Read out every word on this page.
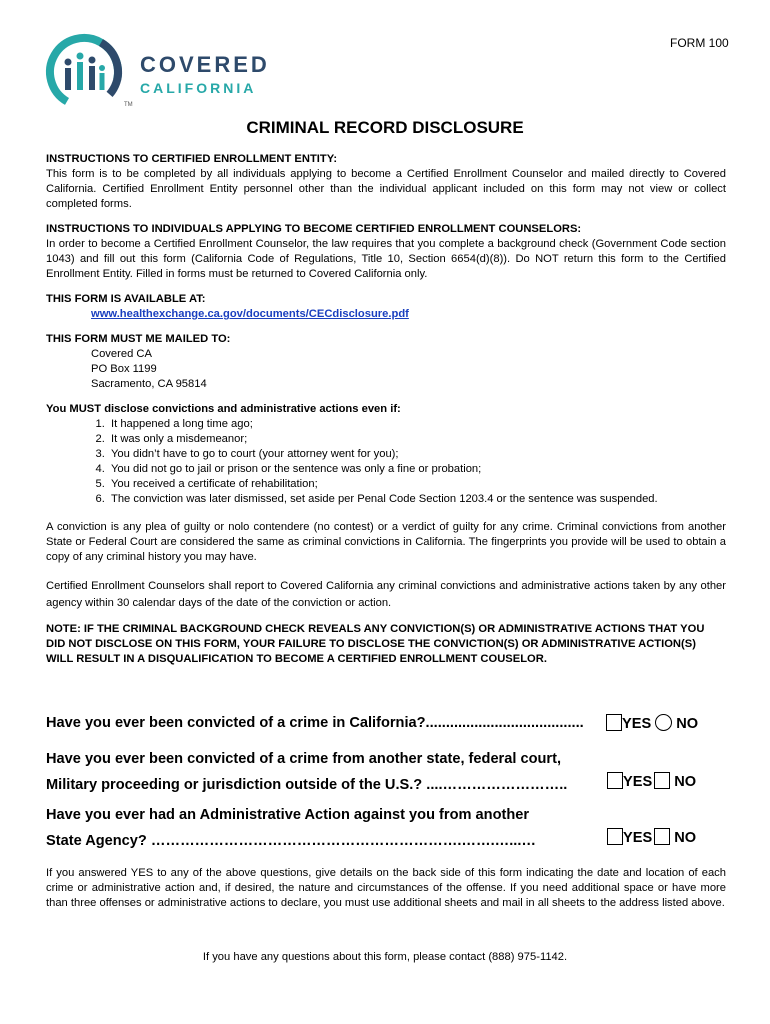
FORM 100
COVERED
CALIFORNIA
TM
CRIMINAL RECORD DISCLOSURE
INSTRUCTIONS TO CERTIFIED ENROLLMENT ENTITY:
This form is to be completed by all individuals applying to become a Certified Enrollment Counselor and mailed directly to Covered California. Certified Enrollment Entity personnel other than the individual applicant included on this form may not view or collect completed forms.
INSTRUCTIONS TO INDIVIDUALS APPLYING TO BECOME CERTIFIED ENROLLMENT COUNSELORS:
In order to become a Certified Enrollment Counselor, the law requires that you complete a background check (Government Code section 1043) and fill out this form (California Code of Regulations, Title 10, Section 6654(d)(8)). Do NOT return this form to the Certified Enrollment Entity. Filled in forms must be returned to Covered California only.
THIS FORM IS AVAILABLE AT:
www.healthexchange.ca.gov/documents/CECdisclosure.pdf
THIS FORM MUST ME MAILED TO:
Covered CA
PO Box 1199
Sacramento, CA 95814
You MUST disclose convictions and administrative actions even if:
1. It happened a long time ago;
2. It was only a misdemeanor;
3. You didn’t have to go to court (your attorney went for you);
4. You did not go to jail or prison or the sentence was only a fine or probation;
5. You received a certificate of rehabilitation;
6. The conviction was later dismissed, set aside per Penal Code Section 1203.4 or the sentence was suspended.
A conviction is any plea of guilty or nolo contendere (no contest) or a verdict of guilty for any crime. Criminal convictions from another State or Federal Court are considered the same as criminal convictions in California. The fingerprints you provide will be used to obtain a copy of any criminal history you may have.
Certified Enrollment Counselors shall report to Covered California any criminal convictions and administrative actions taken by any other agency within 30 calendar days of the date of the conviction or action.
NOTE: IF THE CRIMINAL BACKGROUND CHECK REVEALS ANY CONVICTION(S) OR ADMINISTRATIVE ACTIONS THAT YOU DID NOT DISCLOSE ON THIS FORM, YOUR FAILURE TO DISCLOSE THE CONVICTION(S) OR ADMINISTRATIVE ACTION(S) WILL RESULT IN A DISQUALIFICATION TO BECOME A CERTIFIED ENROLLMENT COUSELOR.
Have you ever been convicted of a crime in California?.......................................	YES NO
Have you ever been convicted of a crime from another state, federal court,
Military proceeding or jurisdiction outside of the U.S.? ....……………………..	YES NO
Have you ever had an Administrative Action against you from another
State Agency? ……………………………………………………….…….…...…	YES NO
If you answered YES to any of the above questions, give details on the back side of this form indicating the date and location of each crime or administrative action and, if desired, the nature and circumstances of the offense. If you need additional space or have more than three offenses or administrative actions to declare, you must use additional sheets and mail in all sheets to the address listed above.
If you have any questions about this form, please contact (888) 975-1142.
